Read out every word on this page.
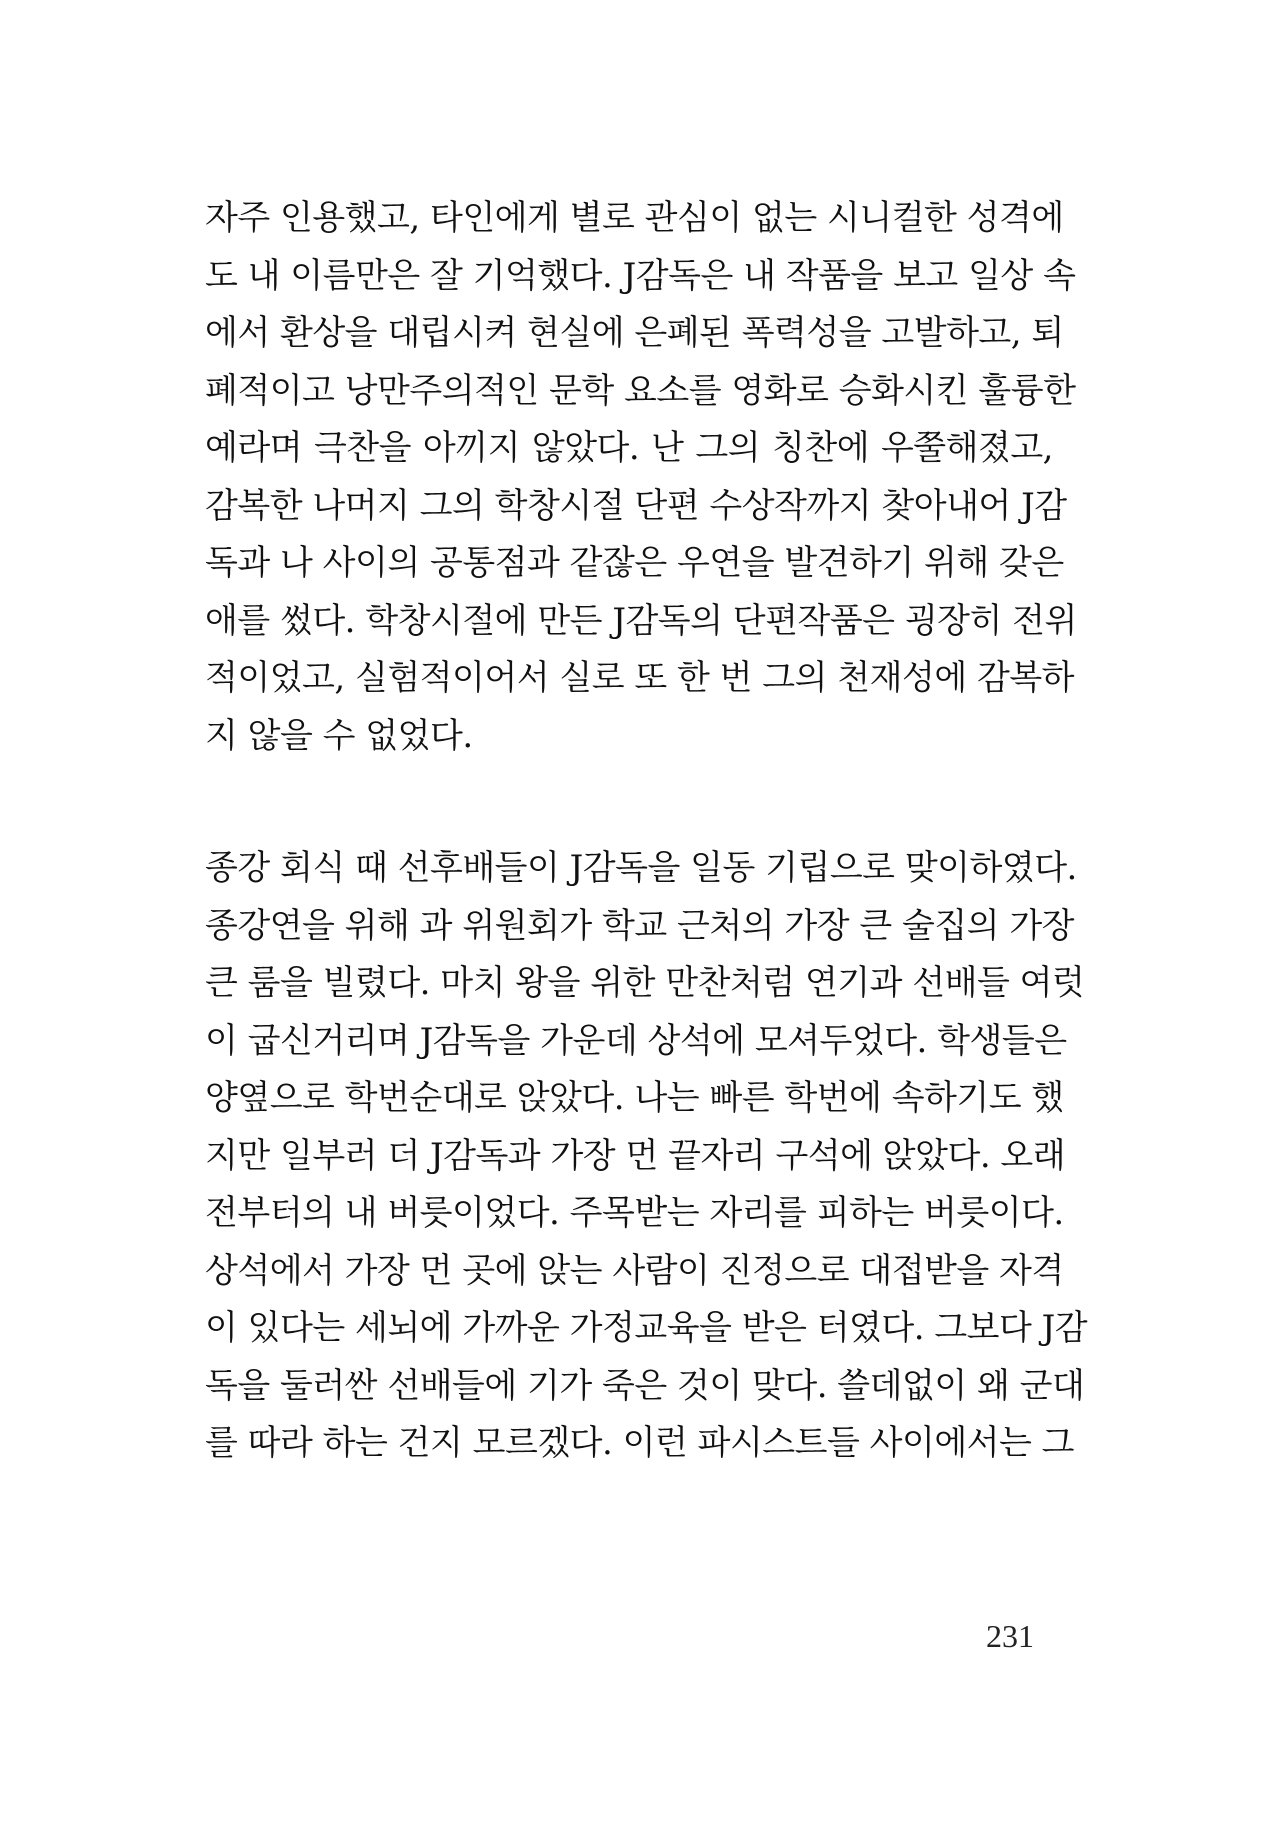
자주 인용했고, 타인에게 별로 관심이 없는 시니컬한 성격에
도 내 이름만은 잘 기억했다. J감독은 내 작품을 보고 일상 속
에서 환상을 대립시켜 현실에 은폐된 폭력성을 고발하고, 퇴
폐적이고 낭만주의적인 문학 요소를 영화로 승화시킨 훌륭한
예라며 극찬을 아끼지 않았다. 난 그의 칭찬에 우쭐해졌고,
감복한 나머지 그의 학창시절 단편 수상작까지 찾아내어 J감
독과 나 사이의 공통점과 같잖은 우연을 발견하기 위해 갖은
애를 썼다. 학창시절에 만든 J감독의 단편작품은 굉장히 전위
적이었고, 실험적이어서 실로 또 한 번 그의 천재성에 감복하
지 않을 수 없었다.
종강 회식 때 선후배들이 J감독을 일동 기립으로 맞이하였다.
종강연을 위해 과 위원회가 학교 근처의 가장 큰 술집의 가장
큰 룸을 빌렸다. 마치 왕을 위한 만찬처럼 연기과 선배들 여럿
이 굽신거리며 J감독을 가운데 상석에 모셔두었다. 학생들은
양옆으로 학번순대로 앉았다. 나는 빠른 학번에 속하기도 했
지만 일부러 더 J감독과 가장 먼 끝자리 구석에 앉았다. 오래
전부터의 내 버릇이었다. 주목받는 자리를 피하는 버릇이다.
상석에서 가장 먼 곳에 앉는 사람이 진정으로 대접받을 자격
이 있다는 세뇌에 가까운 가정교육을 받은 터였다. 그보다 J감
독을 둘러싼 선배들에 기가 죽은 것이 맞다. 쓸데없이 왜 군대
를 따라 하는 건지 모르겠다. 이런 파시스트들 사이에서는 그
231
